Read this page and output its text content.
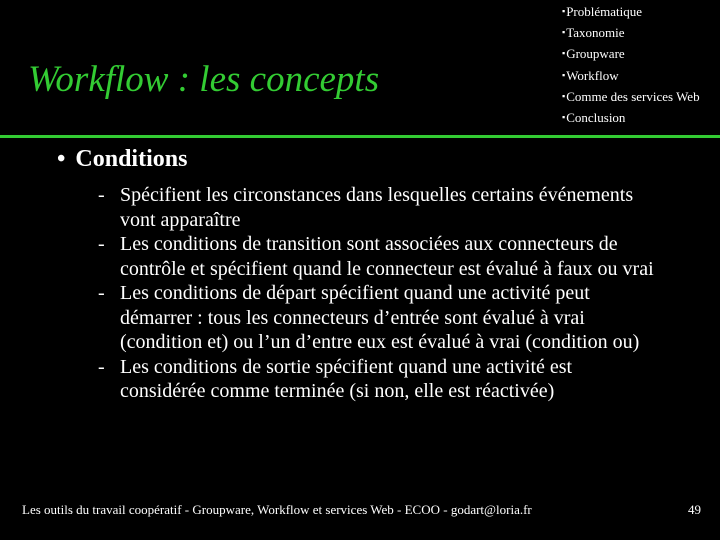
Workflow : les concepts
▪Problématique
▪Taxonomie
▪Groupware
▪Workflow
▪Comme des services Web
▪Conclusion
• Conditions
- Spécifient les circonstances dans lesquelles certains événements vont apparaître
- Les conditions de transition sont associées aux connecteurs de contrôle et spécifient quand le connecteur est évalué à faux ou vrai
- Les conditions de départ spécifient quand une activité peut démarrer : tous les connecteurs d’entrée sont évalué à vrai (condition et) ou l’un d’entre eux est évalué à vrai (condition ou)
- Les conditions de sortie spécifient quand une activité est considérée comme terminée (si non, elle est réactivée)
Les outils du travail coopératif - Groupware, Workflow et services Web - ECOO - godart@loria.fr	49
